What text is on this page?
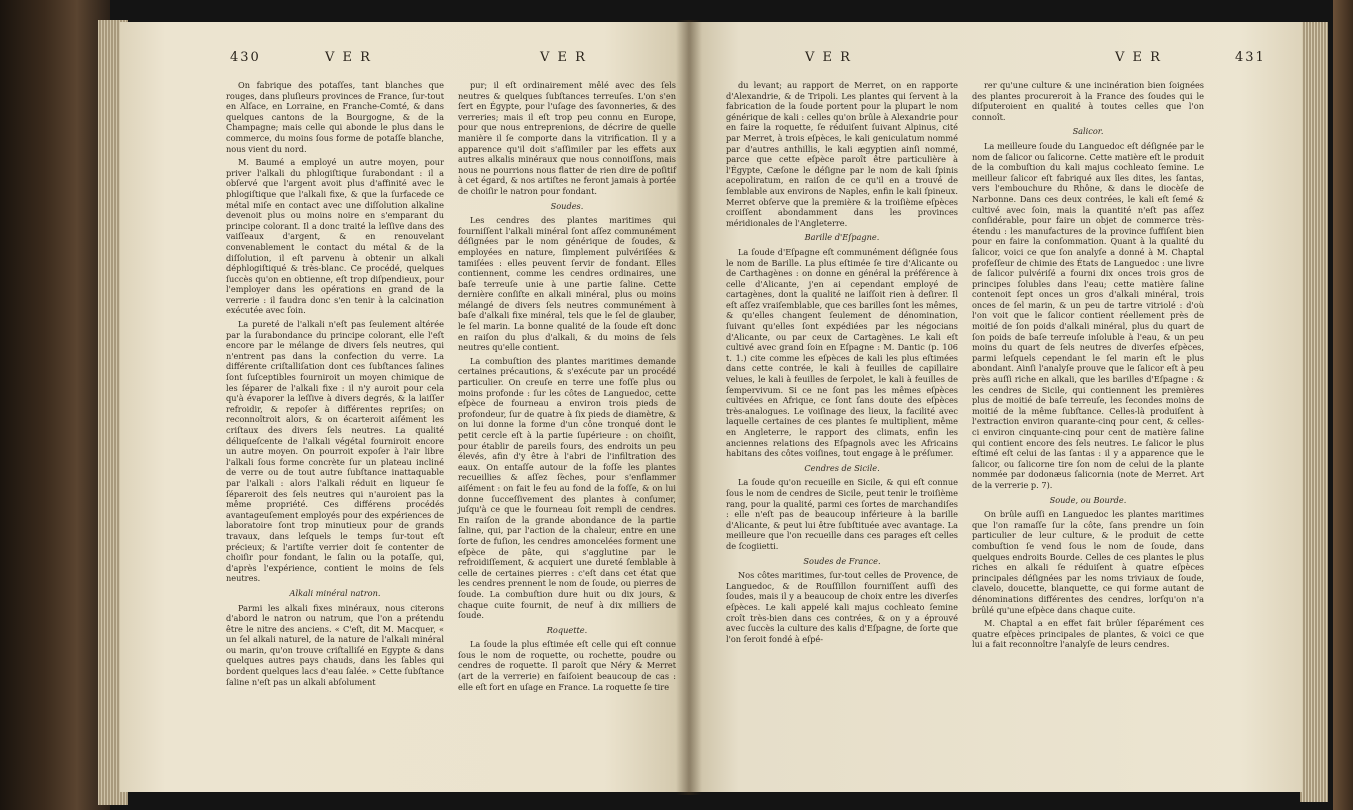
430	V E R	V E R

On fabrique des potaſſes, tant blanches que rouges, dans pluſieurs provinces de France, ſur-tout en Alſace, en Lorraine, en Franche-Comté, & dans quelques cantons de la Bourgogne, & de la Champagne; mais celle qui abonde le plus dans le commerce, du moins ſous forme de potaſſe blanche, nous vient du nord.

M. Baumé a employé un autre moyen, pour priver l'alkali du phlogiſtique ſurabondant : il a obſervé que l'argent avoit plus d'affinité avec le phlogiſtique que l'alkali fixe, & que la ſurfacede ce métal miſe en contact avec une diſſolution alkaline devenoit plus ou moins noire en s'emparant du principe colorant. Il a donc traité la leſſive dans des vaiſſeaux d'argent, & en renouvelant convenablement le contact du métal & de la diſſolution, il eſt parvenu à obtenir un alkali déphlogiſtiqué & très-blanc. Ce procédé, quelques ſuccès qu'on en obtienne, eſt trop diſpendieux, pour l'employer dans les opérations en grand de la verrerie : il faudra donc s'en tenir à la calcination exécutée avec ſoin.

La pureté de l'alkali n'eſt pas ſeulement altérée par la ſurabondance du principe colorant, elle l'eſt encore par le mélange de divers ſels neutres, qui n'entrent pas dans la confection du verre. La différente criſtalliſation dont ces ſubſtances ſalines ſont ſuſceptibles fourniroit un moyen chimique de les ſéparer de l'alkali fixe : il n'y auroit pour cela qu'à évaporer la leſſive à divers degrés, & la laiſſer refroidir, & repoſer à différentes repriſes; on reconnoîtroit alors, & on écarteroit aiſément les criſtaux des divers ſels neutres. La qualité déliqueſcente de l'alkali végétal fourniroit encore un autre moyen. On pourroit expoſer à l'air libre l'alkali ſous forme concrète ſur un plateau incliné de verre ou de tout autre ſubſtance inattaquable par l'alkali : alors l'alkali réduit en liqueur ſe ſépareroit des ſels neutres qui n'auroient pas la même propriété. Ces différens procédés avantageuſement employés pour des expériences de laboratoire ſont trop minutieux pour de grands travaux, dans leſquels le temps ſur-tout eſt précieux; & l'artiſte verrier doit ſe contenter de choiſir pour fondant, le ſalin ou la potaſſe, qui, d'après l'expérience, contient le moins de ſels neutres.

Alkali minéral natron.

Parmi les alkali fixes minéraux, nous citerons d'abord le natron ou natrum, que l'on a prétendu être le nitre des anciens. « C'eſt, dit M. Macquer, « un ſel alkali naturel, de la nature de l'alkali minéral ou marin, qu'on trouve criſtalliſé en Egypte & dans quelques autres pays chauds, dans les ſables qui bordent quelques lacs d'eau ſalée. » Cette ſubſtance ſaline n'eſt pas un alkali abſolument

pur; il eſt ordinairement mêlé avec des ſels neutres & quelques ſubſtances terreuſes. L'on s'en ſert en Égypte, pour l'uſage des ſavonneries, & des verreries; mais il eſt trop peu connu en Europe, pour que nous entreprenions, de décrire de quelle manière il ſe comporte dans la vitrification. Il y a apparence qu'il doit s'aſſimiler par les effets aux autres alkalis minéraux que nous connoiſſons, mais nous ne pourrions nous flatter de rien dire de poſitif à cet égard, & nos artiſtes ne feront jamais à portée de choiſir le natron pour fondant.

Soudes.

Les cendres des plantes maritimes qui fourniſſent l'alkali minéral ſont aſſez communément déſignées par le nom générique de ſoudes, & employées en nature, ſimplement pulvériſées & tamiſées : elles peuvent ſervir de fondant. Elles contiennent, comme les cendres ordinaires, une baſe terreuſe unie à une partie ſaline. Cette dernière conſiſte en alkali minéral, plus ou moins mélangé de divers ſels neutres communément à baſe d'alkali fixe minéral, tels que le ſel de glauber, le ſel marin. La bonne qualité de la ſoude eſt donc en raiſon du plus d'alkali, & du moins de ſels neutres qu'elle contient.

La combuſtion des plantes maritimes demande certaines précautions, & s'exécute par un procédé particulier. On creuſe en terre une foſſe plus ou moins profonde : ſur les côtes de Languedoc, cette eſpèce de fourneau a environ trois pieds de profondeur, ſur de quatre à ſix pieds de diamètre, & on lui donne la forme d'un cône tronqué dont le petit cercle eſt à la partie ſupérieure : on choiſit, pour établir de pareils fours, des endroits un peu élevés, afin d'y être à l'abri de l'infiltration des eaux. On entaſſe autour de la foſſe les plantes recueillies & aſſez ſèches, pour s'enflammer aiſément : on fait le feu au fond de la foſſe, & on lui donne ſucceſſivement des plantes à conſumer, juſqu'à ce que le fourneau ſoit rempli de cendres. En raiſon de la grande abondance de la partie ſaline, qui, par l'action de la chaleur, entre en une ſorte de fuſion, les cendres amoncelées forment une eſpèce de pâte, qui s'agglutine par le refroidiſſement, & acquiert une dureté ſemblable à celle de certaines pierres : c'eſt dans cet état que les cendres prennent le nom de ſoude, ou pierres de ſoude. La combuſtion dure huit ou dix jours, & chaque cuite fournit, de neuf à dix milliers de ſoude.

Roquette.

La ſoude la plus eſtimée eſt celle qui eſt connue ſous le nom de roquette, ou rochette, poudre ou cendres de roquette. Il paroît que Néry & Merret (art de la verrerie) en faiſoient beaucoup de cas : elle eſt fort en uſage en France. La roquette ſe tire

V E R	V E R	431

du levant; au rapport de Merret, on en rapporte d'Alexandrie, & de Tripoli. Les plantes qui ſervent à la fabrication de la ſoude portent pour la plupart le nom générique de kali : celles qu'on brûle à Alexandrie pour en faire la roquette, ſe réduiſent ſuivant Alpinus, cité par Merret, à trois eſpèces, le kali geniculatum nommé par d'autres anthillis, le kali ægyptien ainſi nommé, parce que cette eſpèce paroît être particulière à l'Égypte, Cæſone le déſigne par le nom de kali ſpinis acepoliratum, en raiſon de ce qu'il en a trouvé de ſemblable aux environs de Naples, enfin le kali ſpineux. Merret obſerve que la première & la troiſième eſpèces croiſſent abondamment dans les provinces méridionales de l'Angleterre.

Barille d'Eſpagne.

La ſoude d'Eſpagne eſt communément déſignée ſous le nom de Barille. La plus eſtimée ſe tire d'Alicante ou de Carthagènes : on donne en général la préférence à celle d'Alicante, j'en ai cependant employé de cartagènes, dont la qualité ne laiſſoit rien à deſirer. Il eſt aſſez vraiſemblable, que ces barilles ſont les mêmes, & qu'elles changent ſeulement de dénomination, ſuivant qu'elles ſont expédiées par les négocians d'Alicante, ou par ceux de Cartagènes. Le kali eſt cultivé avec grand ſoin en Eſpagne : M. Dantic (p. 106 t. 1.) cite comme les eſpèces de kali les plus eſtimées dans cette contrée, le kali à feuilles de capillaire velues, le kali à feuilles de ſerpolet, le kali à feuilles de ſempervivum. Si ce ne ſont pas les mêmes eſpèces cultivées en Afrique, ce ſont ſans doute des eſpèces très-analogues. Le voiſinage des lieux, la facilité avec laquelle certaines de ces plantes ſe multiplient, même en Angleterre, le rapport des climats, enfin les anciennes relations des Eſpagnols avec les Africains habitans des côtes voiſines, tout engage à le préſumer.

Cendres de Sicile.

La ſoude qu'on recueille en Sicile, & qui eſt connue ſous le nom de cendres de Sicile, peut tenir le troiſième rang, pour la qualité, parmi ces ſortes de marchandiſes : elle n'eſt pas de beaucoup inférieure à la barille d'Alicante, & peut lui être ſubſtituée avec avantage. La meilleure que l'on recueille dans ces parages eſt celles de ſcogiietti.

Soudes de France.

Nos côtes maritimes, ſur-tout celles de Provence, de Languedoc, & de Rouſſillon fourniſſent auſſi des ſoudes, mais il y a beaucoup de choix entre les diverſes eſpèces. Le kali appelé kali majus cochleato ſemine croît très-bien dans ces contrées, & on y a éprouvé avec ſuccès la culture des kalis d'Eſpagne, de ſorte que l'on ſeroit fondé à eſpé-

rer qu'une culture & une incinération bien ſoignées des plantes procureroit à la France des ſoudes qui le diſputeroient en qualité à toutes celles que l'on connoît.

Salicor.

La meilleure ſoude du Languedoc eſt déſignée par le nom de ſalicor ou ſalicorne. Cette matière eſt le produit de la combuſtion du kali majus cochleato ſemine. Le meilleur ſalicor eſt fabriqué aux îles dites, les ſantas, vers l'embouchure du Rhône, & dans le diocèſe de Narbonne. Dans ces deux contrées, le kali eſt ſemé & cultivé avec ſoin, mais la quantité n'eſt pas aſſez conſidérable, pour faire un objet de commerce très-étendu : les manufactures de la province ſuffiſent bien pour en faire la conſommation. Quant à la qualité du ſalicor, voici ce que ſon analyſe a donné à M. Chaptal profeſſeur de chimie des États de Languedoc : une livre de ſalicor pulvériſé a fourni dix onces trois gros de principes ſolubles dans l'eau; cette matière ſaline contenoit ſept onces un gros d'alkali minéral, trois onces de ſel marin, & un peu de tartre vitriolé : d'où l'on voit que le ſalicor contient réellement près de moitié de ſon poids d'alkali minéral, plus du quart de ſon poids de baſe terreuſe inſoluble à l'eau, & un peu moins du quart de ſels neutres de diverſes eſpèces, parmi leſquels cependant le ſel marin eſt le plus abondant. Ainſi l'analyſe prouve que le ſalicor eſt à peu près auſſi riche en alkali, que les barilles d'Eſpagne : & les cendres de Sicile, qui contiennent les premières plus de moitié de baſe terreuſe, les ſecondes moins de moitié de la même ſubſtance. Celles-là produiſent à l'extraction environ quarante-cinq pour cent, & celles-ci environ cinquante-cinq pour cent de matière ſaline qui contient encore des ſels neutres. Le ſalicor le plus eſtimé eſt celui de las ſantas : il y a apparence que le ſalicor, ou ſalicorne tire ſon nom de celui de la plante nommée par dodonæus ſalicornia (note de Merret. Art de la verrerie p. 7).

Soude, ou Bourde.

On brûle auſſi en Languedoc les plantes maritimes que l'on ramaſſe ſur la côte, ſans prendre un ſoin particulier de leur culture, & le produit de cette combuſtion ſe vend ſous le nom de ſoude, dans quelques endroits Bourde. Celles de ces plantes le plus riches en alkali ſe réduiſent à quatre eſpèces principales déſignées par les noms triviaux de ſoude, clavelo, doucette, blanquette, ce qui forme autant de dénominations différentes des cendres, lorſqu'on n'a brûlé qu'une eſpèce dans chaque cuite.

M. Chaptal a en effet fait brûler ſéparément ces quatre eſpèces principales de plantes, & voici ce que lui a fait reconnoître l'analyſe de leurs cendres.
